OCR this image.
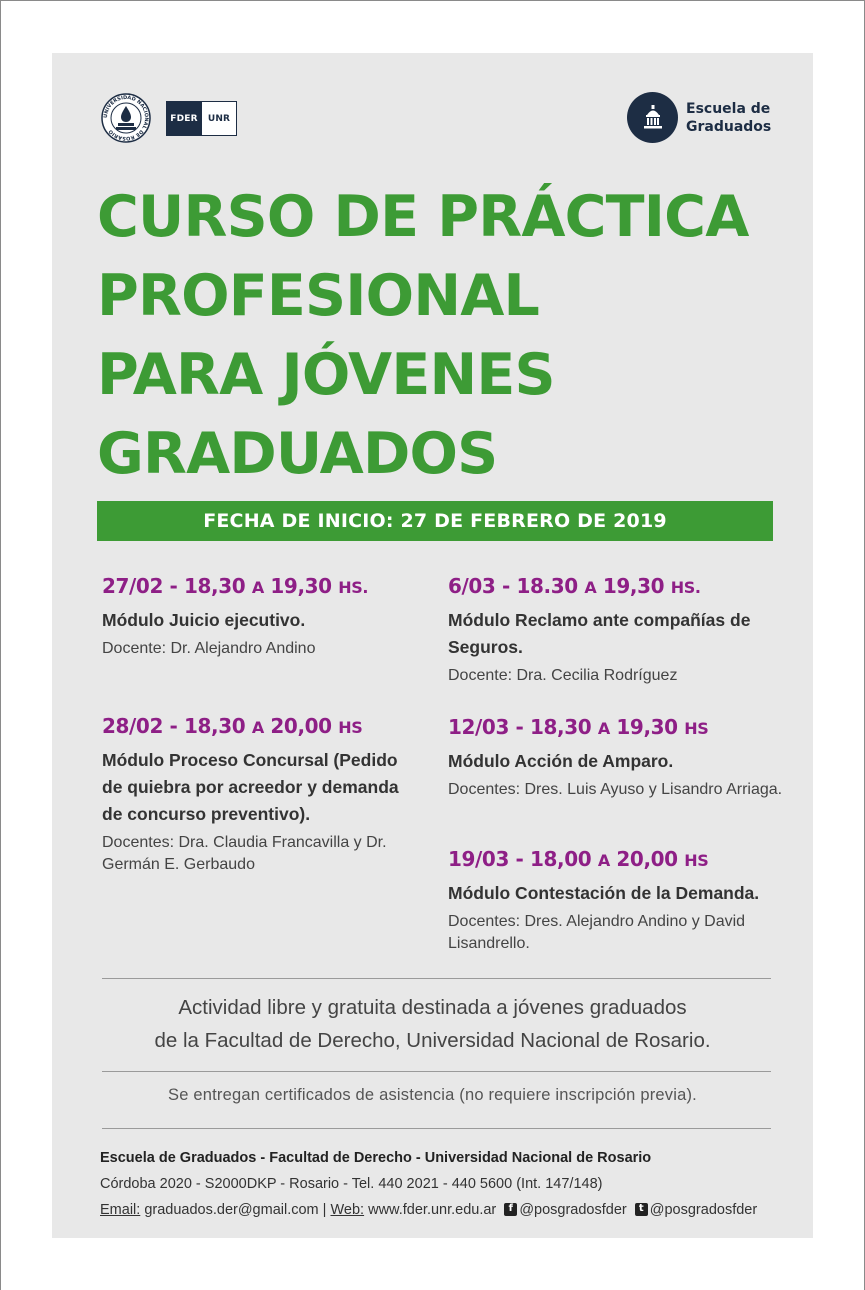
UNIVERSIDAD NACIONAL DE ROSARIO
FDER	UNR
Escuela de
Graduados
CURSO DE PRÁCTICA
PROFESIONAL
PARA JÓVENES
GRADUADOS
FECHA DE INICIO: 27 DE FEBRERO DE 2019
27/02 - 18,30 A 19,30 HS.
Módulo Juicio ejecutivo.
Docente: Dr. Alejandro Andino
28/02 - 18,30 A 20,00 HS
Módulo Proceso Concursal (Pedido de quiebra por acreedor y demanda de concurso preventivo).
Docentes: Dra. Claudia Francavilla y Dr. Germán E. Gerbaudo
6/03 - 18.30 A 19,30 HS.
Módulo Reclamo ante compañías de Seguros.
Docente: Dra. Cecilia Rodríguez
12/03 - 18,30 A 19,30 HS
Módulo Acción de Amparo.
Docentes: Dres. Luis Ayuso y Lisandro Arriaga.
19/03 - 18,00 A 20,00 HS
Módulo Contestación de la Demanda.
Docentes: Dres. Alejandro Andino y David Lisandrello.
Actividad libre y gratuita destinada a jóvenes graduados
de la Facultad de Derecho, Universidad Nacional de Rosario.
Se entregan certificados de asistencia (no requiere inscripción previa).
Escuela de Graduados - Facultad de Derecho - Universidad Nacional de Rosario
Córdoba 2020 - S2000DKP - Rosario - Tel. 440 2021 - 440 5600 (Int. 147/148)
Email: graduados.der@gmail.com | Web: www.fder.unr.edu.ar f @posgradosfder t @posgradosfder
